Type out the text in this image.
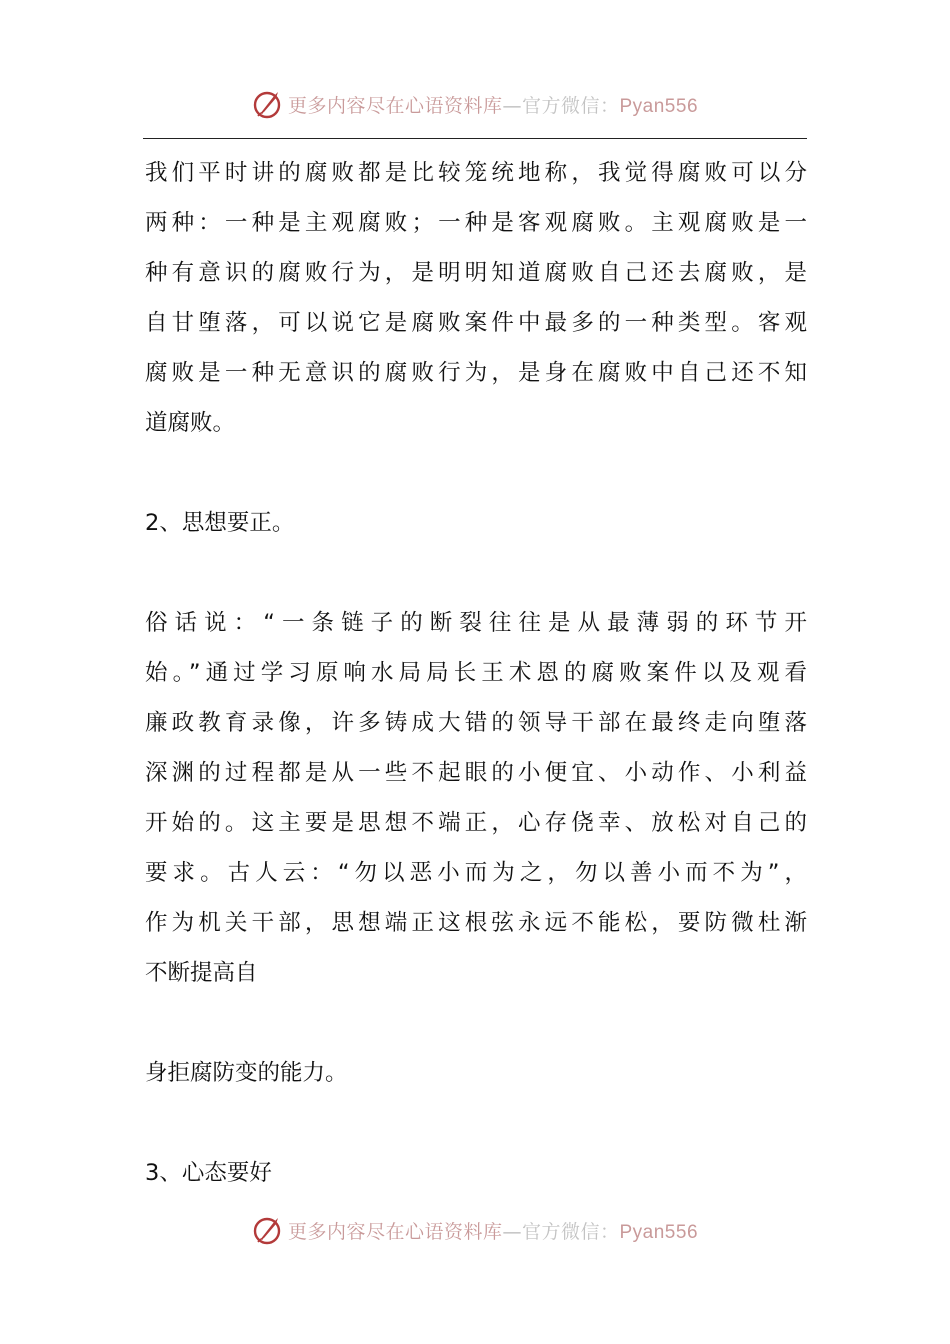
更多内容尽在心语资料库—官方微信：Pyan556
我们平时讲的腐败都是比较笼统地称，我觉得腐败可以分
两种：一种是主观腐败；一种是客观腐败。主观腐败是一
种有意识的腐败行为，是明明知道腐败自己还去腐败，是
自甘堕落，可以说它是腐败案件中最多的一种类型。客观
腐败是一种无意识的腐败行为，是身在腐败中自己还不知
道腐败。
2、思想要正。
俗话说：“一条链子的断裂往往是从最薄弱的环节开
始。”通过学习原响水局局长王术恩的腐败案件以及观看
廉政教育录像，许多铸成大错的领导干部在最终走向堕落
深渊的过程都是从一些不起眼的小便宜、小动作、小利益
开始的。这主要是思想不端正，心存侥幸、放松对自己的
要求。古人云：“勿以恶小而为之，勿以善小而不为”，
作为机关干部，思想端正这根弦永远不能松，要防微杜渐
不断提高自
身拒腐防变的能力。
3、心态要好
更多内容尽在心语资料库—官方微信：Pyan556
